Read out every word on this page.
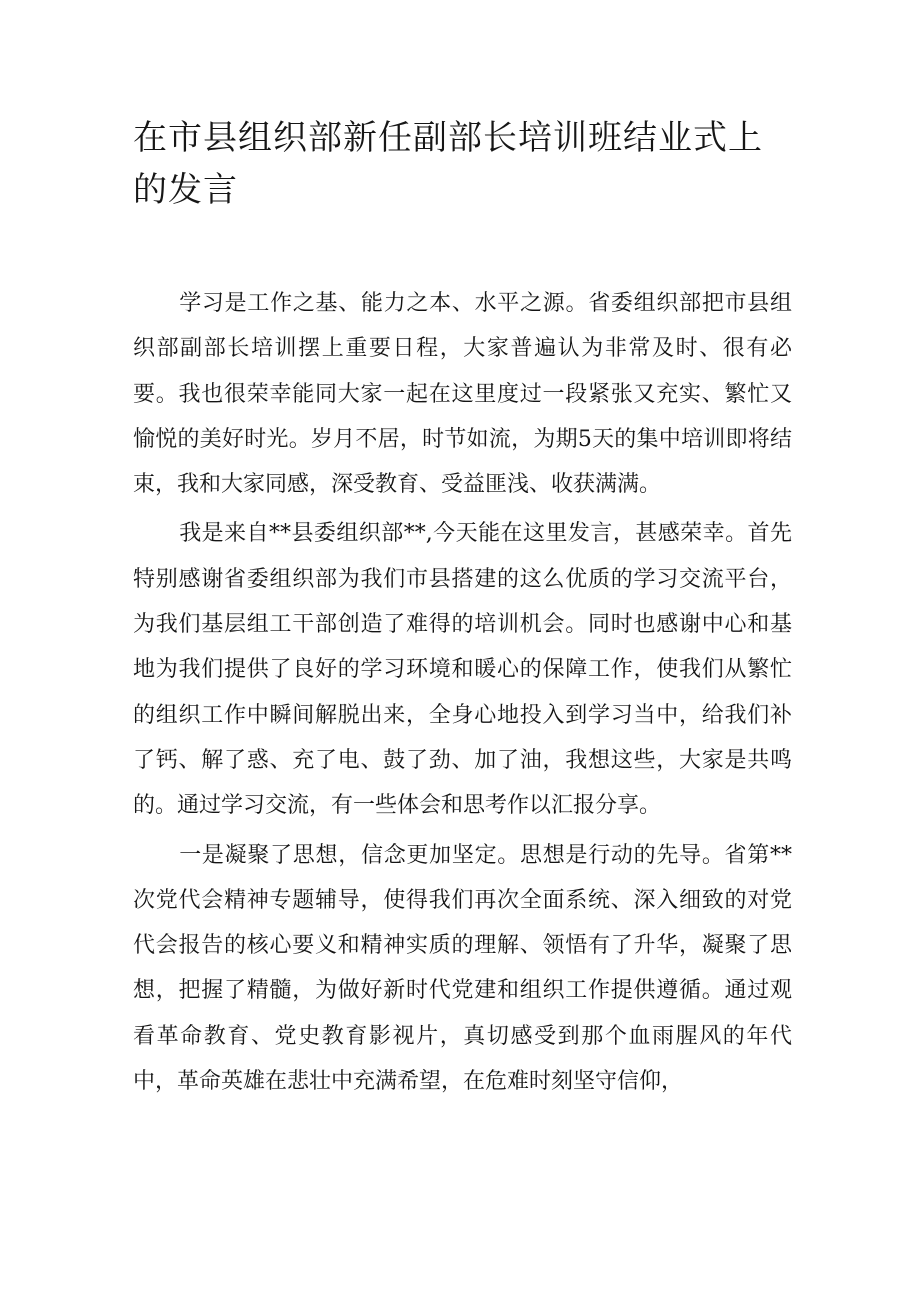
在市县组织部新任副部长培训班结业式上的发言

学习是工作之基、能力之本、水平之源。省委组织部把市县组织部副部长培训摆上重要日程，大家普遍认为非常及时、很有必要。我也很荣幸能同大家一起在这里度过一段紧张又充实、繁忙又愉悦的美好时光。岁月不居，时节如流，为期5天的集中培训即将结束，我和大家同感，深受教育、受益匪浅、收获满满。

我是来自**县委组织部**,今天能在这里发言，甚感荣幸。首先特别感谢省委组织部为我们市县搭建的这么优质的学习交流平台，为我们基层组工干部创造了难得的培训机会。同时也感谢中心和基地为我们提供了良好的学习环境和暖心的保障工作，使我们从繁忙的组织工作中瞬间解脱出来，全身心地投入到学习当中，给我们补了钙、解了惑、充了电、鼓了劲、加了油，我想这些，大家是共鸣的。通过学习交流，有一些体会和思考作以汇报分享。

一是凝聚了思想，信念更加坚定。思想是行动的先导。省第**次党代会精神专题辅导，使得我们再次全面系统、深入细致的对党代会报告的核心要义和精神实质的理解、领悟有了升华，凝聚了思想，把握了精髓，为做好新时代党建和组织工作提供遵循。通过观看革命教育、党史教育影视片，真切感受到那个血雨腥风的年代中，革命英雄在悲壮中充满希望，在危难时刻坚守信仰，
